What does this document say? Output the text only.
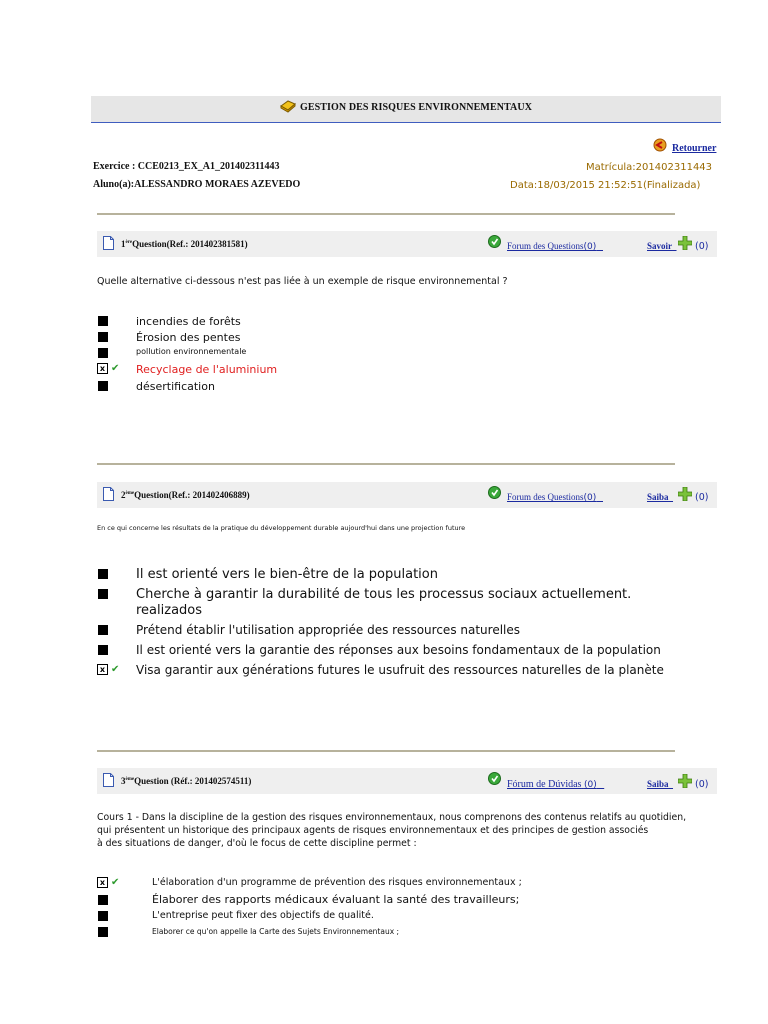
GESTION DES RISQUES ENVIRONNEMENTAUX
Retourner
Exercice : CCE0213_EX_A1_201402311443
Aluno(a):ALESSANDRO MORAES AZEVEDO
Matrícula:201402311443
Data:18/03/2015 21:52:51(Finalizada)
1èreQuestion(Ref.: 201402381581)	Forum des Questions(0)	Savoir	(0)
Quelle alternative ci-dessous n'est pas liée à un exemple de risque environnemental ?
incendies de forêts
Érosion des pentes
pollution environnementale
x ✔ Recyclage de l'aluminium
désertification
2èmeQuestion(Ref.: 201402406889)	Forum des Questions(0)	Saiba	(0)
En ce qui concerne les résultats de la pratique du développement durable aujourd'hui dans une projection future
Il est orienté vers le bien-être de la population
Cherche à garantir la durabilité de tous les processus sociaux actuellement.
realizados
Prétend établir l'utilisation appropriée des ressources naturelles
Il est orienté vers la garantie des réponses aux besoins fondamentaux de la population
x ✔ Visa garantir aux générations futures le usufruit des ressources naturelles de la planète
3èmeQuestion (Réf.: 201402574511)	Fórum de Dúvidas (0)	Saiba	(0)
Cours 1 - Dans la discipline de la gestion des risques environnementaux, nous comprenons des contenus relatifs au quotidien,
qui présentent un historique des principaux agents de risques environnementaux et des principes de gestion associés
à des situations de danger, d'où le focus de cette discipline permet :
x ✔	L'élaboration d'un programme de prévention des risques environnementaux ;
Élaborer des rapports médicaux évaluant la santé des travailleurs;
L'entreprise peut fixer des objectifs de qualité.
Elaborer ce qu'on appelle la Carte des Sujets Environnementaux ;
